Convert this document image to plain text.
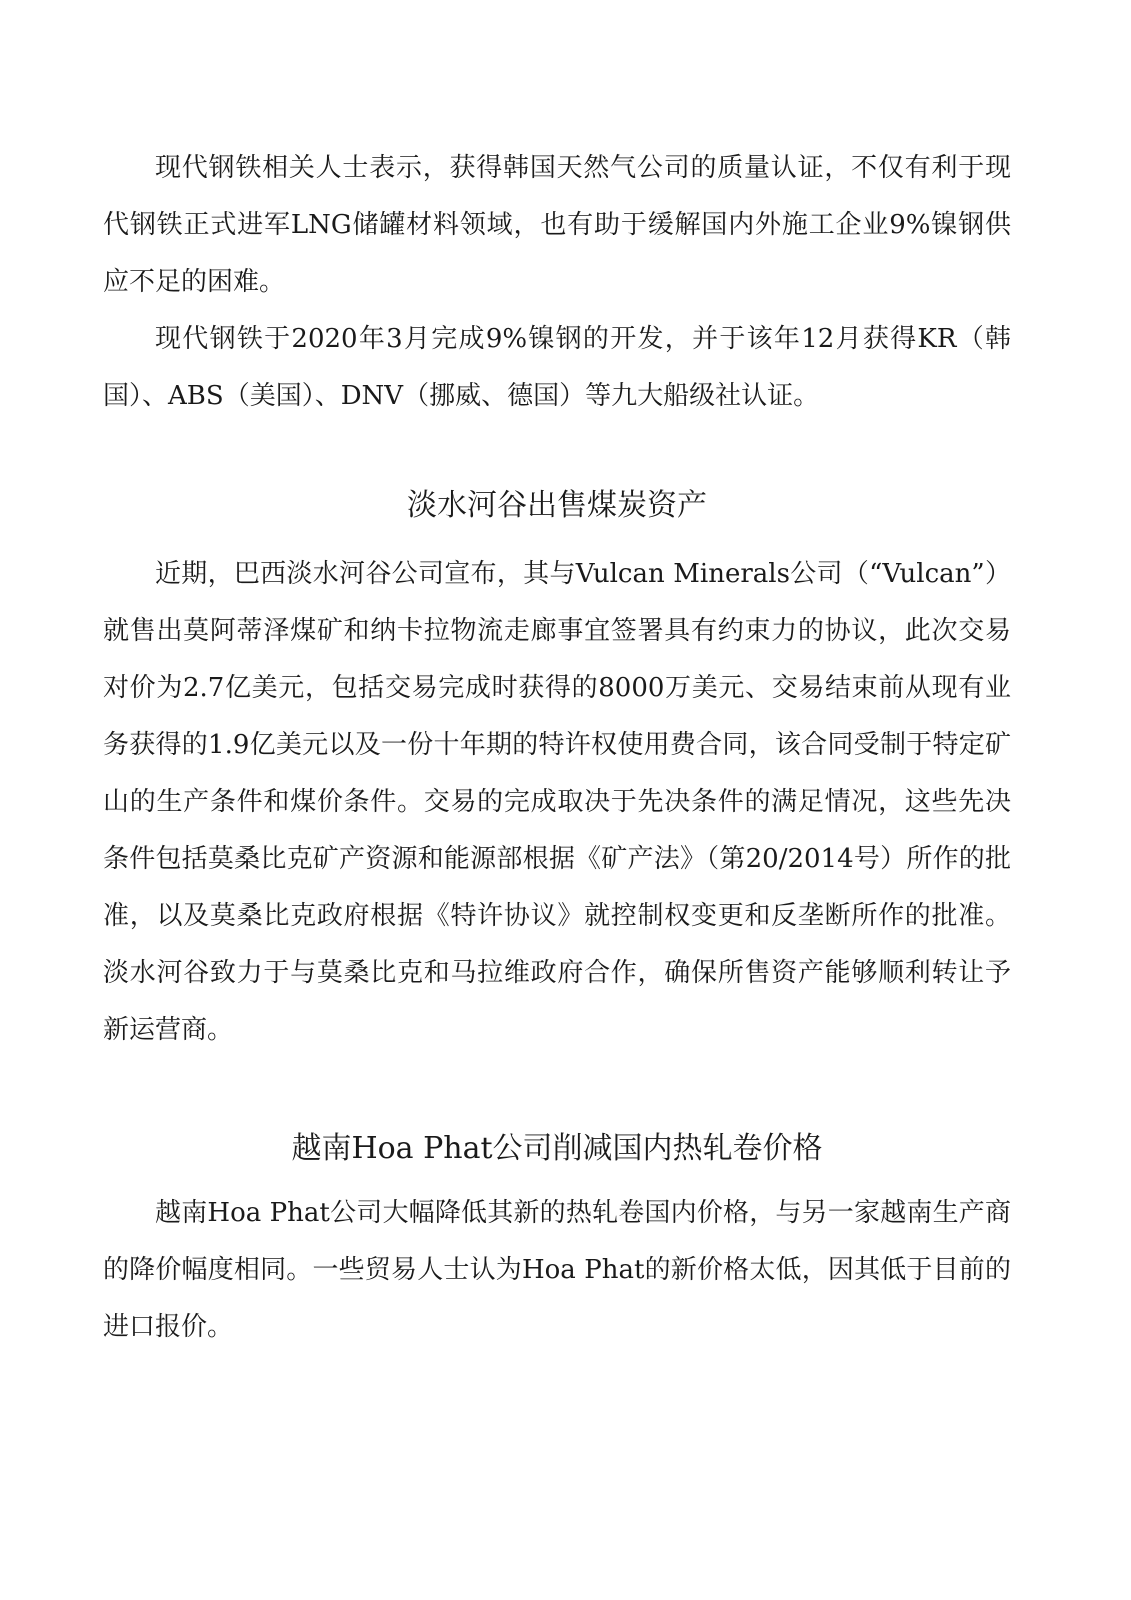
现代钢铁相关人士表示，获得韩国天然气公司的质量认证，不仅有利于现代钢铁正式进军LNG储罐材料领域，也有助于缓解国内外施工企业9%镍钢供应不足的困难。

现代钢铁于2020年3月完成9%镍钢的开发，并于该年12月获得KR（韩国）、ABS（美国）、DNV（挪威、德国）等九大船级社认证。

淡水河谷出售煤炭资产

近期，巴西淡水河谷公司宣布，其与Vulcan Minerals公司（“Vulcan”）就售出莫阿蒂泽煤矿和纳卡拉物流走廊事宜签署具有约束力的协议，此次交易对价为2.7亿美元，包括交易完成时获得的8000万美元、交易结束前从现有业务获得的1.9亿美元以及一份十年期的特许权使用费合同，该合同受制于特定矿山的生产条件和煤价条件。交易的完成取决于先决条件的满足情况，这些先决条件包括莫桑比克矿产资源和能源部根据《矿产法》（第20/2014号）所作的批准，以及莫桑比克政府根据《特许协议》就控制权变更和反垄断所作的批准。淡水河谷致力于与莫桑比克和马拉维政府合作，确保所售资产能够顺利转让予新运营商。

越南Hoa Phat公司削减国内热轧卷价格

越南Hoa Phat公司大幅降低其新的热轧卷国内价格，与另一家越南生产商的降价幅度相同。一些贸易人士认为Hoa Phat的新价格太低，因其低于目前的进口报价。
